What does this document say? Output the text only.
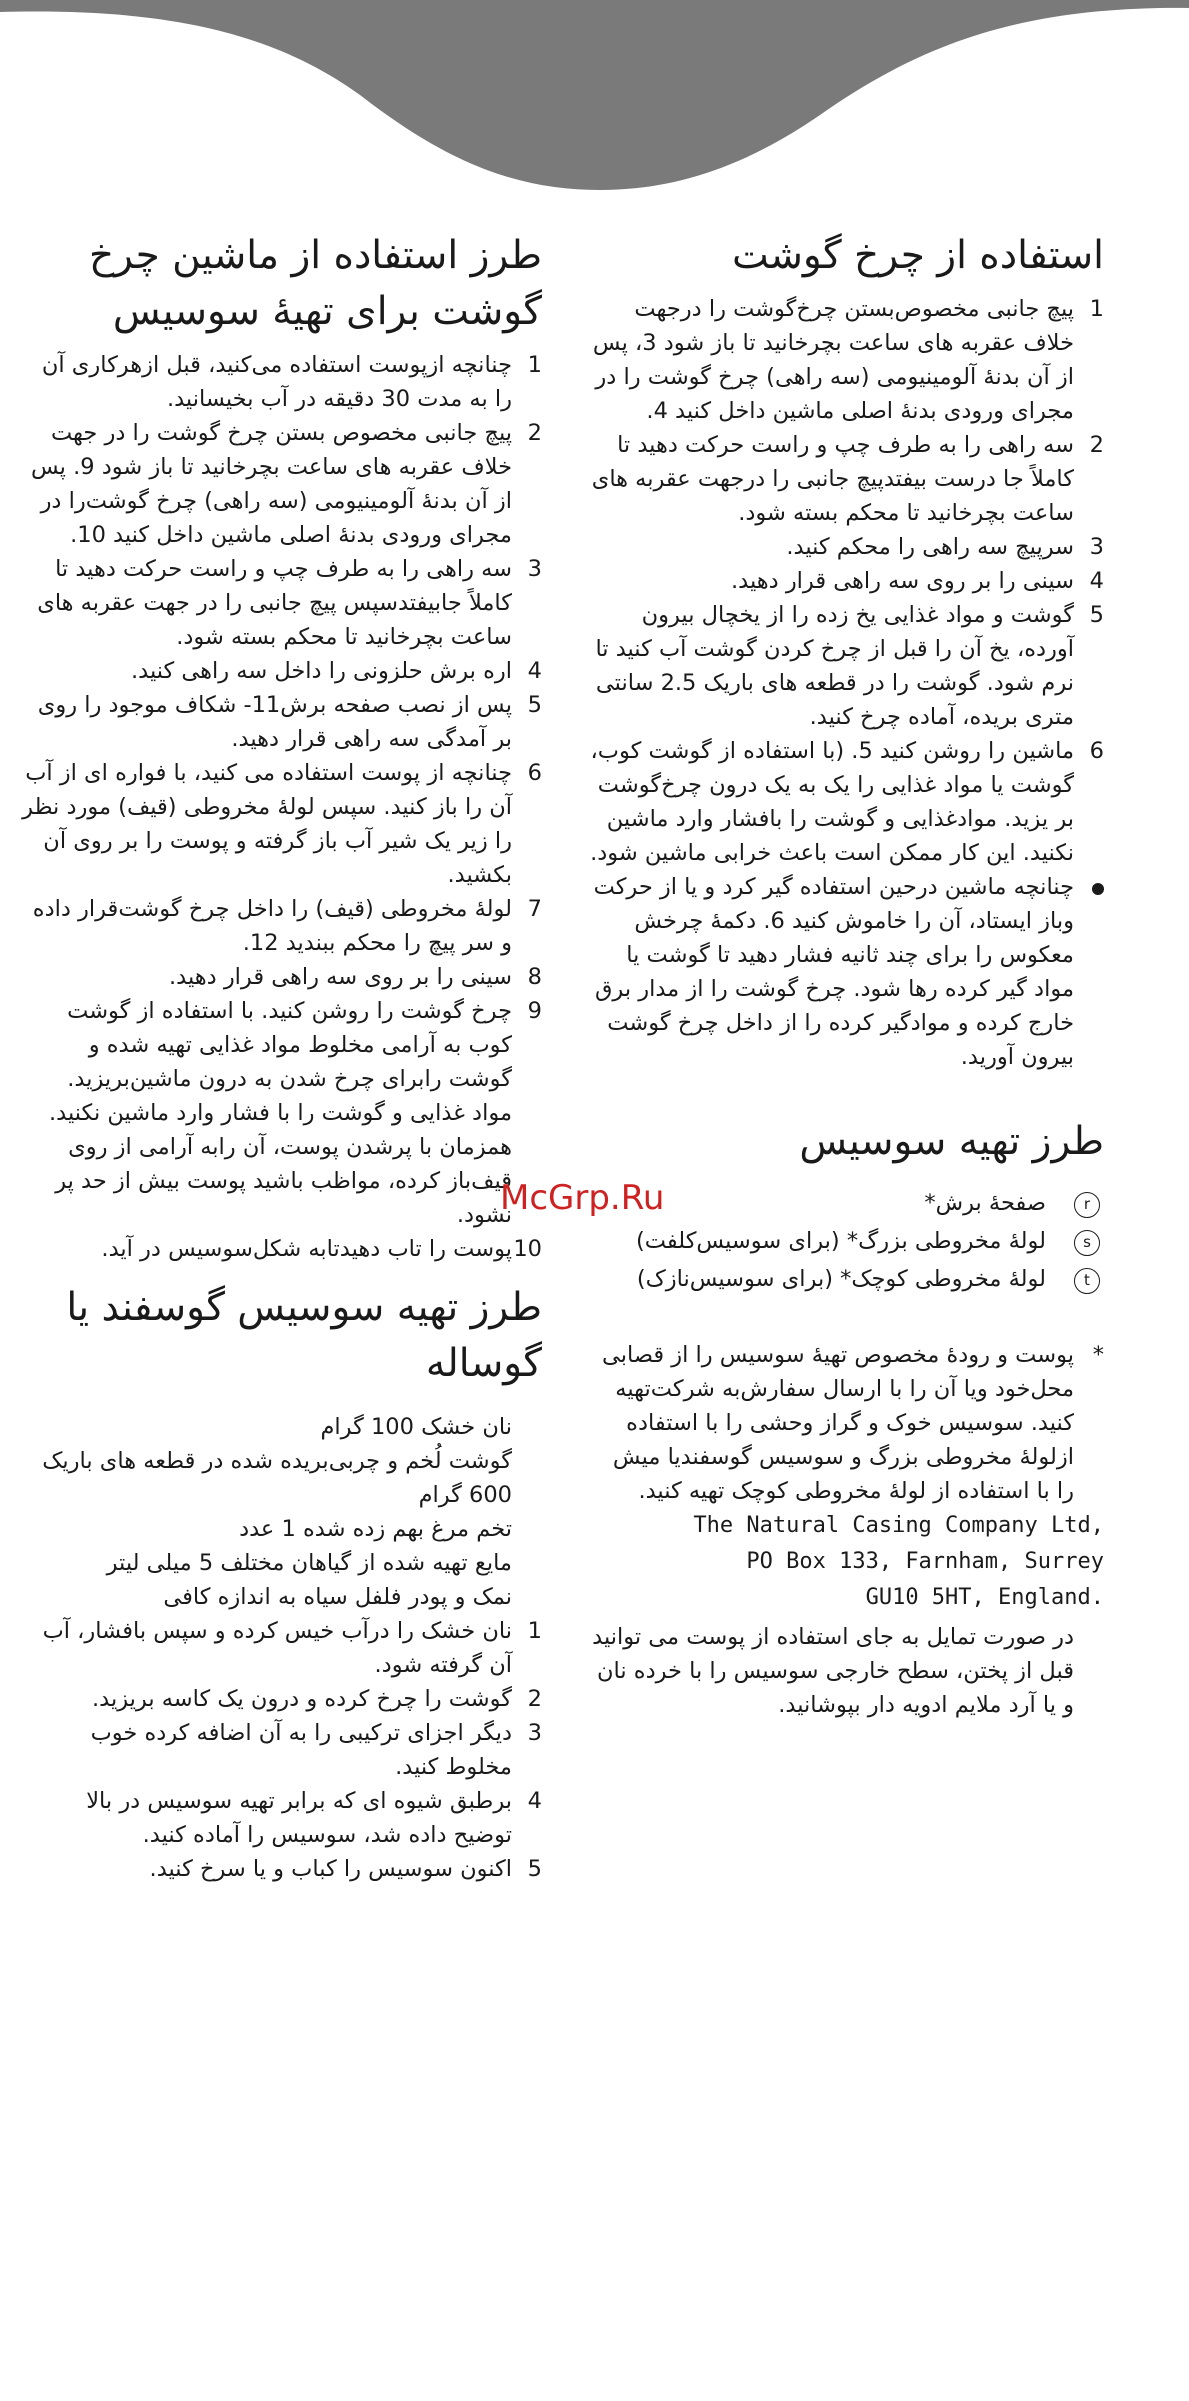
استفاده از چرخ گوشت
1
پیچ جانبی مخصوص‌بستن چرخ‌گوشت را درجهت خلاف عقربه های ساعت بچرخانید تا باز شود 3، پس از آن بدنهٔ آلومینیومی (سه راهی) چرخ گوشت را در مجرای ورودی بدنهٔ اصلی ماشین داخل کنید 4.
2
سه راهی را به طرف چپ و راست حرکت دهید تا کاملاً جا درست بیفتدپیچ جانبی را درجهت عقربه های ساعت بچرخانید تا محکم بسته شود.
3
سرپیچ سه راهی را محکم کنید.
4
سینی را بر روی سه راهی قرار دهید.
5
گوشت و مواد غذایی یخ زده را از یخچال بیرون آورده، یخ آن را قبل از چرخ کردن گوشت آب کنید تا نرم شود. گوشت را در قطعه های باریک 2.5 سانتی متری بریده، آماده چرخ کنید.
6
ماشین را روشن کنید 5. (با استفاده از گوشت کوب، گوشت یا مواد غذایی را یک به یک درون چرخ‌گوشت بر یزید. مواد‌غذایی و گوشت را با‌فشار وارد ماشین نکنید. این کار ممکن است باعث خرابی ماشین شود.
چنانچه ماشین درحین استفاده گیر کرد و یا از حرکت وباز ایستاد، آن را خاموش کنید 6. دکمهٔ چرخش معکوس را برای چند ثانیه فشار دهید تا گوشت یا مواد گیر کرده رها شود. چرخ گوشت را از مدار برق خارج کرده و موادگیر کرده را از داخل چرخ گوشت بیرون آورید.
طرز تهیه سوسیس
r
صفحهٔ برش*
s
لولهٔ مخروطی بزرگ* (برای سوسیس‌کلفت)
t
لولهٔ مخروطی کوچک* (برای سوسیس‌نازک)
*
پوست و رودهٔ مخصوص تهیهٔ سوسیس را از قصابی محل‌خود ویا آن را با ارسال سفارش‌به شرکت‌تهیه کنید. سوسیس خوک و گراز وحشی را با استفاده ازلولهٔ مخروطی بزرگ و سوسیس گوسفندیا میش را با استفاده از لولهٔ مخروطی کوچک تهیه کنید.
The Natural Casing Company Ltd,
PO Box 133, Farnham, Surrey
GU10 5HT, England.
در صورت تمایل به جای استفاده از پوست می توانید قبل از پختن، سطح خارجی سوسیس را با خرده نان و یا آرد ملایم ادویه دار بپوشانید.
طرز استفاده از ماشین چرخ گوشت برای تهیهٔ سوسیس
1
چنانچه ازپوست استفاده می‌کنید، قبل ازهرکاری آن را به مدت 30 دقیقه در آب بخیسانید.
2
پیچ جانبی مخصوص بستن چرخ گوشت را در جهت خلاف عقربه های ساعت بچرخانید تا باز شود 9. پس از آن بدنهٔ آلومینیومی (سه راهی) چرخ گوشت‌را در مجرای ورودی بدنهٔ اصلی ماشین داخل کنید 10.
3
سه راهی را به طرف چپ و راست حرکت دهید تا کاملاً جابیفتدسپس پیچ جانبی را در جهت عقربه های ساعت بچرخانید تا محکم بسته شود.
4
اره برش حلزونی را داخل سه راهی کنید.
5
پس از نصب صفحه برش11- شکاف موجود را روی بر آمدگی سه راهی قرار دهید.
6
چنانچه از پوست استفاده می کنید، با فواره ای از آب آن را باز کنید. سپس لولهٔ مخروطی (قیف) مورد نظر را زیر یک شیر آب باز گرفته و پوست را بر روی آن بکشید.
7
لولهٔ مخروطی (قیف) را داخل چرخ گوشت‌قرار داده و سر پیچ را محکم ببندید 12.
8
سینی را بر روی سه راهی قرار دهید.
9
چرخ گوشت را روشن کنید. با استفاده از گوشت کوب به آرامی مخلوط مواد غذایی تهیه شده و گوشت رابرای چرخ شدن به درون ماشین‌بریزید. مواد غذایی و گوشت را با فشار وارد ماشین نکنید. همزمان با پرشدن پوست، آن رابه آرامی از روی قیف‌باز کرده، مواظب باشید پوست بیش از حد پر نشود.
10
پوست را تاب دهیدتابه شکل‌سوسیس در آید.
طرز تهیه سوسیس گوسفند یا گوساله
نان خشک 100 گرام
گوشت لُخم و چربی‌بریده شده در قطعه های باریک 600 گرام
تخم مرغ بهم زده شده 1 عدد
مایع تهیه شده از گیاهان مختلف 5 میلی لیتر
نمک و پودر فلفل سیاه به اندازه کافی
1
نان خشک را درآب خیس کرده و سپس بافشار، آب آن گرفته شود.
2
گوشت را چرخ کرده و درون یک کاسه بریزید.
3
دیگر اجزای ترکیبی را به آن اضافه کرده خوب مخلوط کنید.
4
برطبق شیوه ای که برابر تهیه سوسیس در بالا توضیح داده شد، سوسیس را آماده کنید.
5
اکنون سوسیس را کباب و یا سرخ کنید.
McGrp.Ru
